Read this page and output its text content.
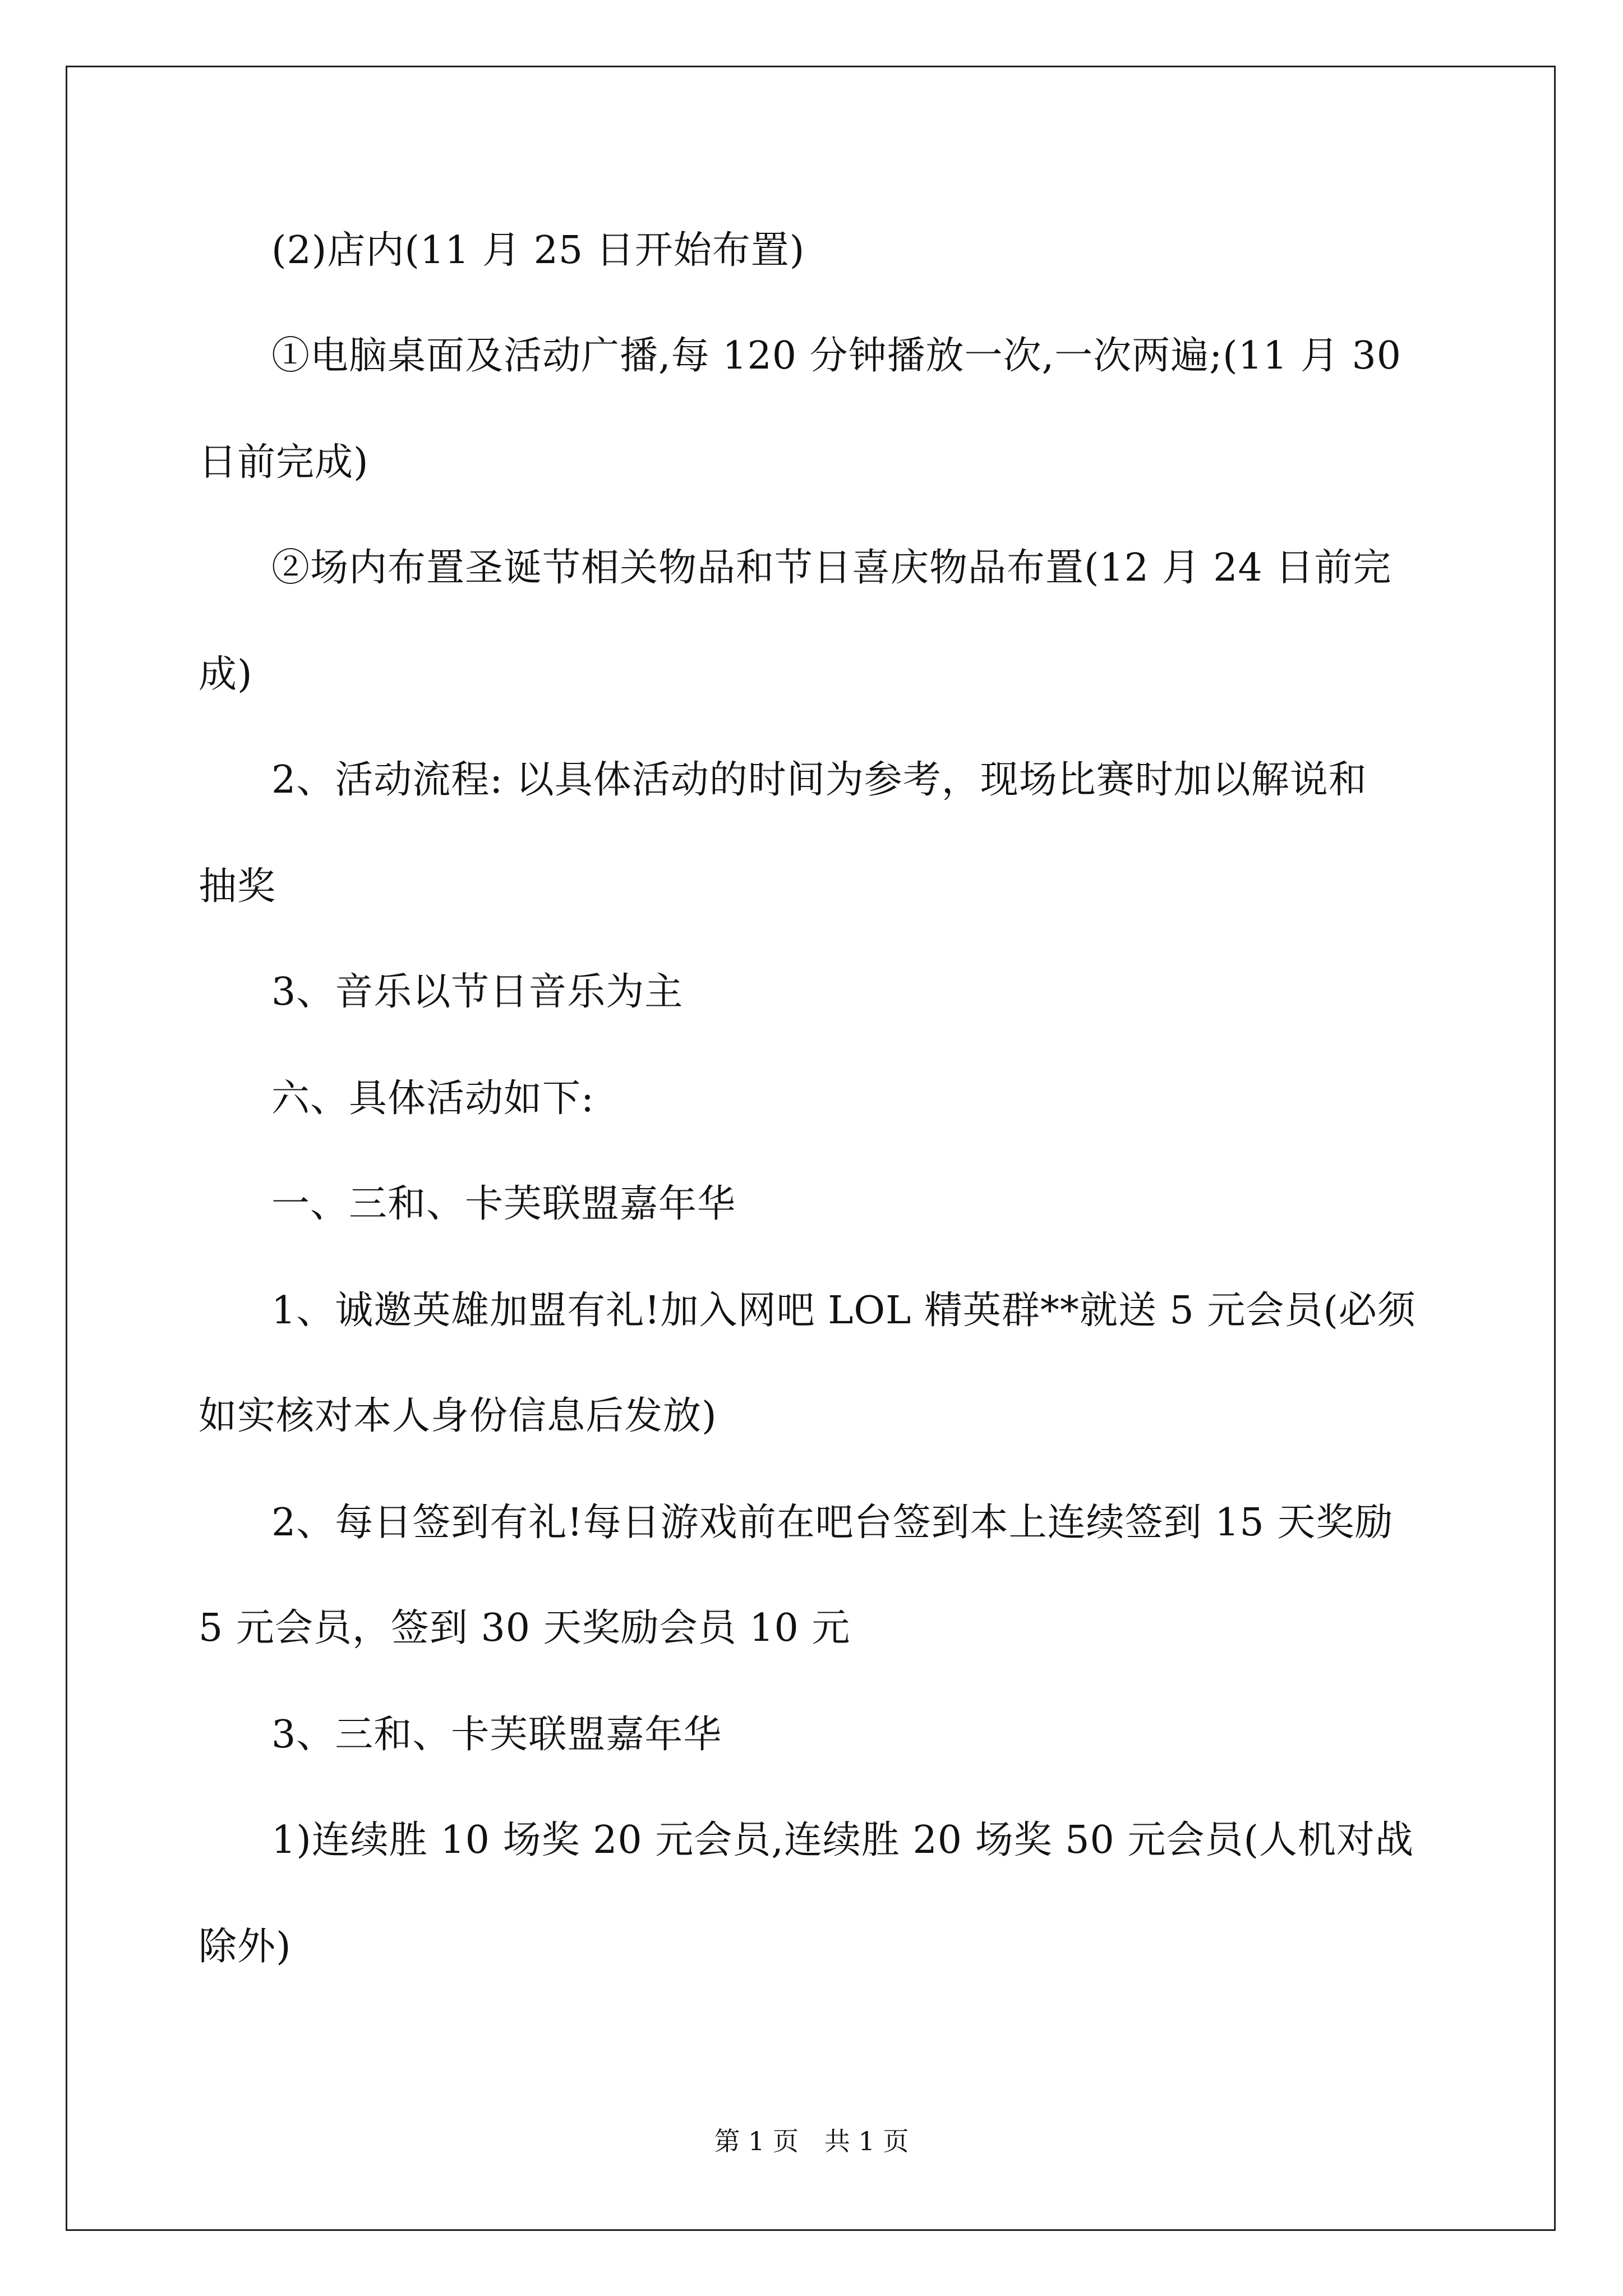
(2)店内(11 月 25 日开始布置)
①电脑桌面及活动广播,每 120 分钟播放一次,一次两遍;(11 月 30
日前完成)
②场内布置圣诞节相关物品和节日喜庆物品布置(12 月 24 日前完
成)
2、活动流程: 以具体活动的时间为参考，现场比赛时加以解说和
抽奖
3、音乐以节日音乐为主
六、具体活动如下:
一、三和、卡芙联盟嘉年华
1、诚邀英雄加盟有礼!加入网吧 LOL 精英群**就送 5 元会员(必须
如实核对本人身份信息后发放)
2、每日签到有礼!每日游戏前在吧台签到本上连续签到 15 天奖励
5 元会员，签到 30 天奖励会员 10 元
3、三和、卡芙联盟嘉年华
1)连续胜 10 场奖 20 元会员,连续胜 20 场奖 50 元会员(人机对战
除外)
第 1 页　共 1 页
